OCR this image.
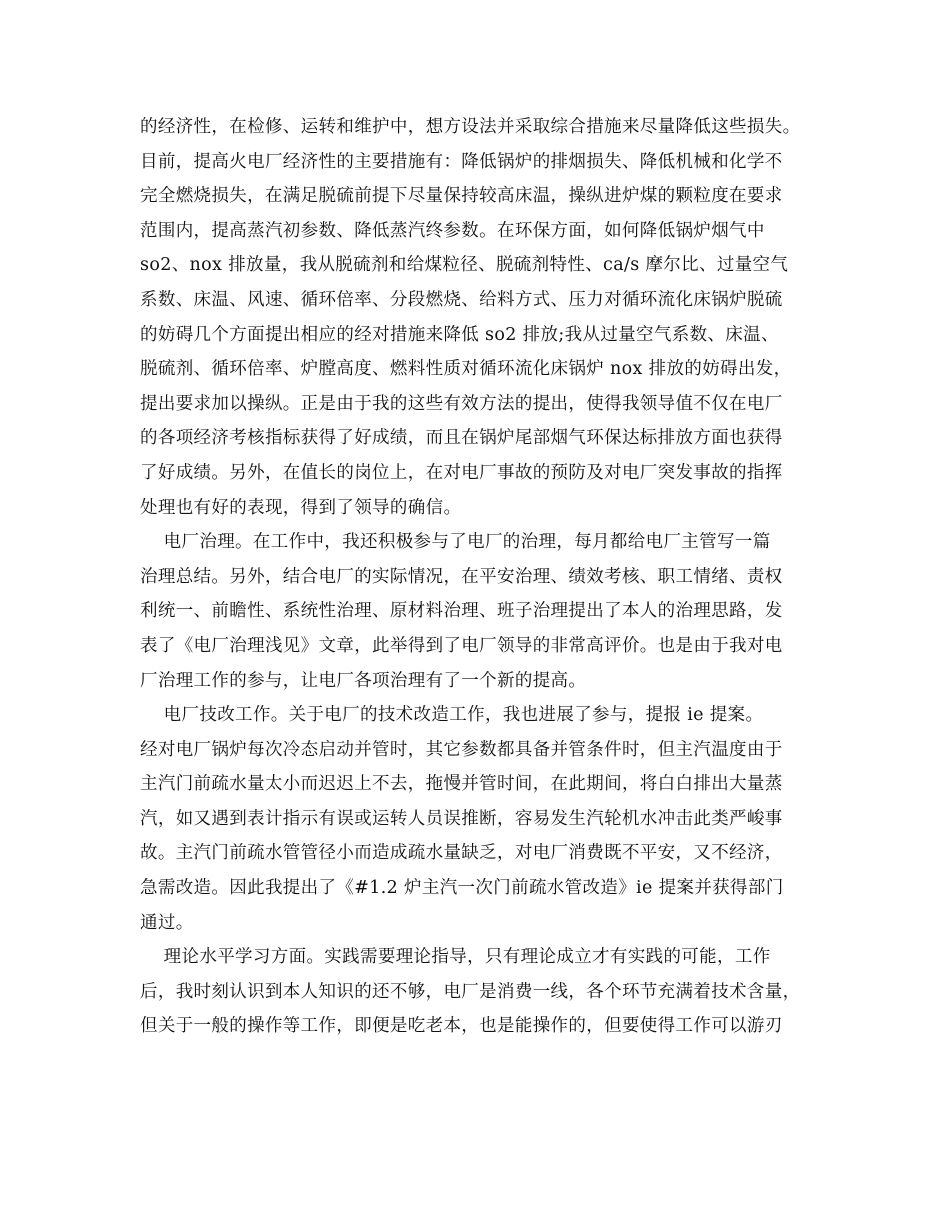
的经济性，在检修、运转和维护中，想方设法并采取综合措施来尽量降低这些损失。
目前，提高火电厂经济性的主要措施有：降低锅炉的排烟损失、降低机械和化学不
完全燃烧损失，在满足脱硫前提下尽量保持较高床温，操纵进炉煤的颗粒度在要求
范围内，提高蒸汽初参数、降低蒸汽终参数。在环保方面，如何降低锅炉烟气中
so2、nox 排放量，我从脱硫剂和给煤粒径、脱硫剂特性、ca/s 摩尔比、过量空气
系数、床温、风速、循环倍率、分段燃烧、给料方式、压力对循环流化床锅炉脱硫
的妨碍几个方面提出相应的经对措施来降低 so2 排放;我从过量空气系数、床温、
脱硫剂、循环倍率、炉膛高度、燃料性质对循环流化床锅炉 nox 排放的妨碍出发，
提出要求加以操纵。正是由于我的这些有效方法的提出，使得我领导值不仅在电厂
的各项经济考核指标获得了好成绩，而且在锅炉尾部烟气环保达标排放方面也获得
了好成绩。另外，在值长的岗位上，在对电厂事故的预防及对电厂突发事故的指挥
处理也有好的表现，得到了领导的确信。
电厂治理。在工作中，我还积极参与了电厂的治理，每月都给电厂主管写一篇
治理总结。另外，结合电厂的实际情况，在平安治理、绩效考核、职工情绪、责权
利统一、前瞻性、系统性治理、原材料治理、班子治理提出了本人的治理思路，发
表了《电厂治理浅见》文章，此举得到了电厂领导的非常高评价。也是由于我对电
厂治理工作的参与，让电厂各项治理有了一个新的提高。
电厂技改工作。关于电厂的技术改造工作，我也进展了参与，提报 ie 提案。
经对电厂锅炉每次冷态启动并管时，其它参数都具备并管条件时，但主汽温度由于
主汽门前疏水量太小而迟迟上不去，拖慢并管时间，在此期间，将白白排出大量蒸
汽，如又遇到表计指示有误或运转人员误推断，容易发生汽轮机水冲击此类严峻事
故。主汽门前疏水管管径小而造成疏水量缺乏，对电厂消费既不平安，又不经济，
急需改造。因此我提出了《#1.2 炉主汽一次门前疏水管改造》ie 提案并获得部门
通过。
理论水平学习方面。实践需要理论指导，只有理论成立才有实践的可能，工作
后，我时刻认识到本人知识的还不够，电厂是消费一线，各个环节充满着技术含量，
但关于一般的操作等工作，即便是吃老本，也是能操作的，但要使得工作可以游刃
